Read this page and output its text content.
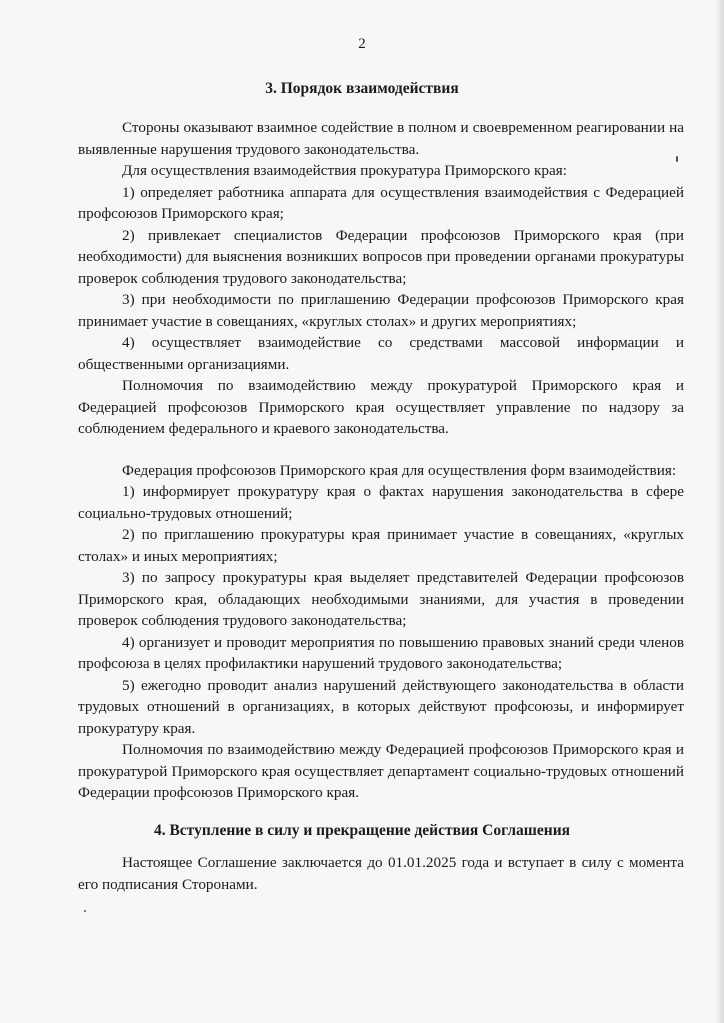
2
3. Порядок взаимодействия

Стороны оказывают взаимное содействие в полном и своевременном реагировании на выявленные нарушения трудового законодательства.

Для осуществления взаимодействия прокуратура Приморского края:

1) определяет работника аппарата для осуществления взаимодействия с Федерацией профсоюзов Приморского края;

2) привлекает специалистов Федерации профсоюзов Приморского края (при необходимости) для выяснения возникших вопросов при проведении органами прокуратуры проверок соблюдения трудового законодательства;

3) при необходимости по приглашению Федерации профсоюзов Приморского края принимает участие в совещаниях, «круглых столах» и других мероприятиях;

4) осуществляет взаимодействие со средствами массовой информации и общественными организациями.

Полномочия по взаимодействию между прокуратурой Приморского края и Федерацией профсоюзов Приморского края осуществляет управление по надзору за соблюдением федерального и краевого законодательства.

Федерация профсоюзов Приморского края для осуществления форм взаимодействия:

1) информирует прокуратуру края о фактах нарушения законодательства в сфере социально-трудовых отношений;

2) по приглашению прокуратуры края принимает участие в совещаниях, «круглых столах» и иных мероприятиях;

3) по запросу прокуратуры края выделяет представителей Федерации профсоюзов Приморского края, обладающих необходимыми знаниями, для участия в проведении проверок соблюдения трудового законодательства;

4) организует и проводит мероприятия по повышению правовых знаний среди членов профсоюза в целях профилактики нарушений трудового законодательства;

5) ежегодно проводит анализ нарушений действующего законодательства в области трудовых отношений в организациях, в которых действуют профсоюзы, и информирует прокуратуру края.

Полномочия по взаимодействию между Федерацией профсоюзов Приморского края и прокуратурой Приморского края осуществляет департамент социально-трудовых отношений Федерации профсоюзов Приморского края.

4. Вступление в силу и прекращение действия Соглашения

Настоящее Соглашение заключается до 01.01.2025 года и вступает в силу с момента его подписания Сторонами.
